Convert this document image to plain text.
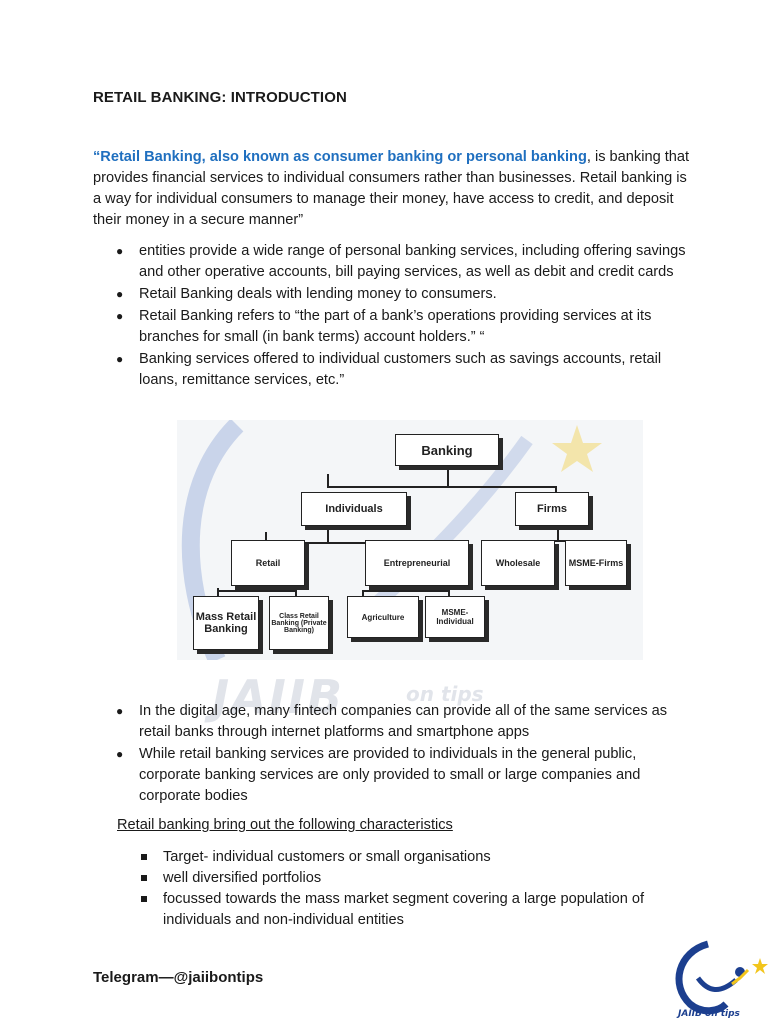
RETAIL BANKING: INTRODUCTION

“Retail Banking, also known as consumer banking or personal banking, is banking that provides financial services to individual consumers rather than businesses. Retail banking is a way for individual consumers to manage their money, have access to credit, and deposit their money in a secure manner”

● entities provide a wide range of personal banking services, including offering savings and other operative accounts, bill paying services, as well as debit and credit cards
● Retail Banking deals with lending money to consumers.
● Retail Banking refers to “the part of a bank’s operations providing services at its branches for small (in bank terms) account holders.” “
● Banking services offered to individual customers such as savings accounts, retail loans, remittance services, etc.”
Banking
Individuals	Firms
Retail	Entrepreneurial	Wholesale	MSME-Firms
Mass Retail Banking
Class Retail Banking (Private Banking)
Agriculture	MSME-Individual
JAIIB	on tips
● In the digital age, many fintech companies can provide all of the same services as retail banks through internet platforms and smartphone apps
● While retail banking services are provided to individuals in the general public, corporate banking services are only provided to small or large companies and corporate bodies

Retail banking bring out the following characteristics

Target- individual customers or small organisations
well diversified portfolios
focussed towards the mass market segment covering a large population of individuals and non-individual entities
Telegram—@jaiibontips
JAIIB on tips
